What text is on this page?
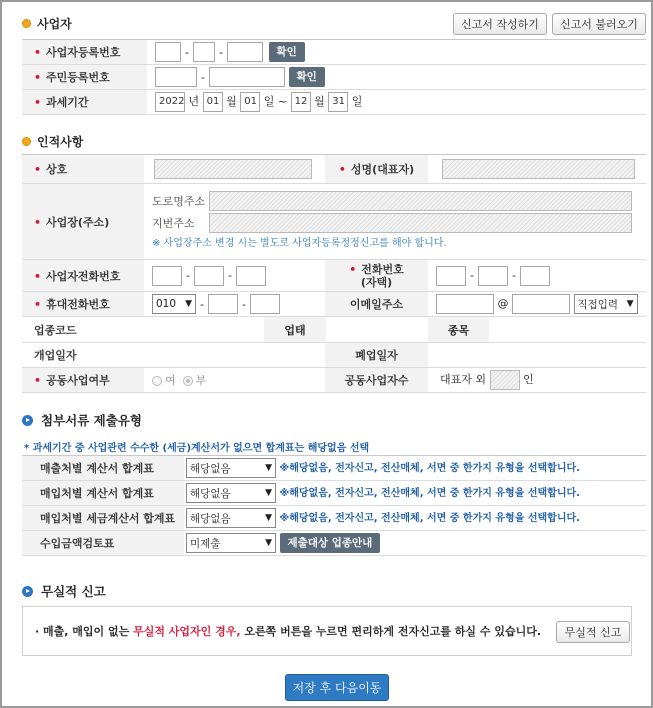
사업자	신고서 작성하기	신고서 불러오기
• 사업자등록번호	- - 확인
• 주민등록번호	- 확인
• 과세기간	2022 년 01 월 01 일 ~ 12 월 31 일
인적사항
• 상호		• 성명(대표자)	
• 사업장(주소)	도로명주소
지번주소
※ 사업장주소 변경 시는 별도로 사업자등록정정신고를 해야 합니다.		

• 사업자전화번호	- -	• 전화번호
(자택)	- -
• 휴대전화번호	010 ▼ - -	이메일주소	@ 직접입력 ▼

업종코드	업태 종목		

개업일자		폐업일자	
• 공동사업여부	여 부	공동사업자수	대표자 외 인
첨부서류 제출유형
* 과세기간 중 사업관련 수수한 (세금)계산서가 없으면 합계표는 해당없음 선택
매출처별 계산서 합계표	해당없음 ▼ ※해당없음, 전자신고, 전산매체, 서면 중 한가지 유형을 선택합니다.
매입처별 계산서 합계표	해당없음 ▼ ※해당없음, 전자신고, 전산매체, 서면 중 한가지 유형을 선택합니다.
매입처별 세금계산서 합계표	해당없음 ▼ ※해당없음, 전자신고, 전산매체, 서면 중 한가지 유형을 선택합니다.
수입금액검토표	미제출 ▼ 제출대상 업종안내
무실적 신고
· 매출, 매입이 없는 무실적 사업자인 경우, 오른쪽 버튼을 누르면 편리하게 전자신고를 하실 수 있습니다.	무실적 신고
저장 후 다음이동
